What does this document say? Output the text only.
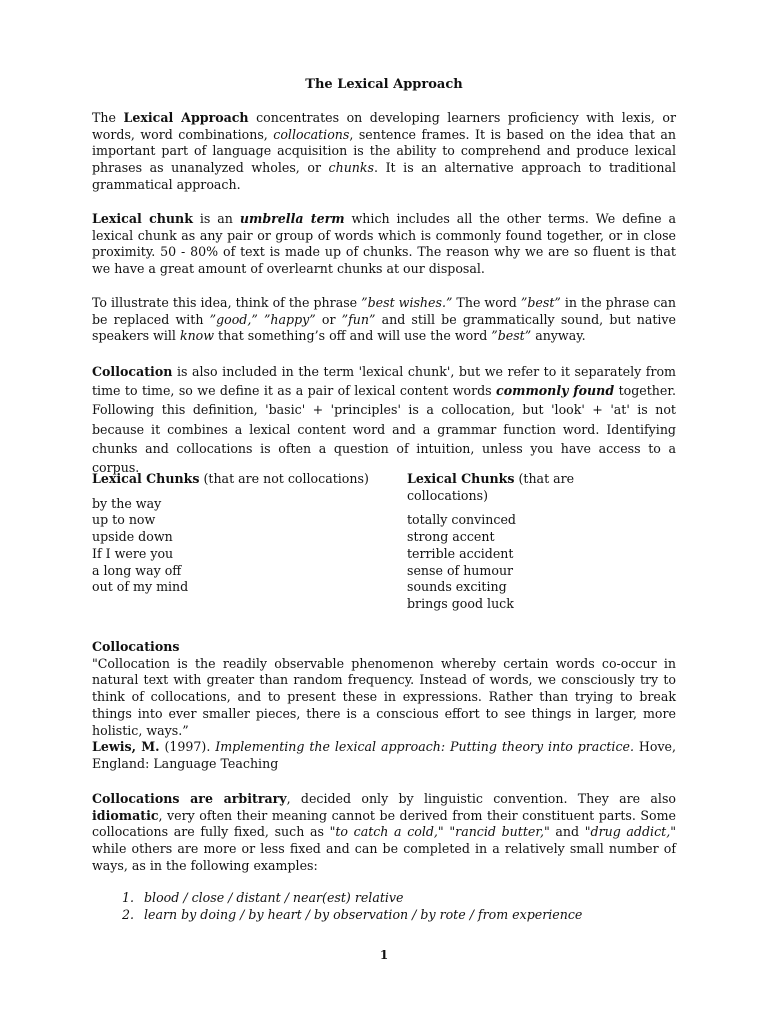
The Lexical Approach
The Lexical Approach concentrates on developing learners proficiency with lexis, or words, word combinations, collocations, sentence frames. It is based on the idea that an important part of language acquisition is the ability to comprehend and produce lexical phrases as unanalyzed wholes, or chunks. It is an alternative approach to traditional grammatical approach.
Lexical chunk is an umbrella term which includes all the other terms. We define a lexical chunk as any pair or group of words which is commonly found together, or in close proximity. 50 - 80% of text is made up of chunks. The reason why we are so fluent is that we have a great amount of overlearnt chunks at our disposal.
To illustrate this idea, think of the phrase ”best wishes.” The word ”best” in the phrase can be replaced with ”good,” ”happy” or ”fun” and still be grammatically sound, but native speakers will know that something’s off and will use the word ”best” anyway.
Collocation is also included in the term 'lexical chunk', but we refer to it separately from time to time, so we define it as a pair of lexical content words commonly found together. Following this definition, 'basic' + 'principles' is a collocation, but 'look' + 'at' is not because it combines a lexical content word and a grammar function word. Identifying chunks and collocations is often a question of intuition, unless you have access to a corpus.
Lexical Chunks (that are not collocations)
by the way
up to now
upside down
If I were you
a long way off
out of my mind
Lexical Chunks (that are collocations)
totally convinced
strong accent
terrible accident
sense of humour
sounds exciting
brings good luck
Collocations
"Collocation is the readily observable phenomenon whereby certain words co-occur in natural text with greater than random frequency. Instead of words, we consciously try to think of collocations, and to present these in expressions. Rather than trying to break things into ever smaller pieces, there is a conscious effort to see things in larger, more holistic, ways.”
Lewis, M. (1997). Implementing the lexical approach: Putting theory into practice. Hove, England: Language Teaching
Collocations are arbitrary, decided only by linguistic convention. They are also idiomatic, very often their meaning cannot be derived from their constituent parts. Some collocations are fully fixed, such as "to catch a cold," "rancid butter," and "drug addict," while others are more or less fixed and can be completed in a relatively small number of ways, as in the following examples:
1. blood / close / distant / near(est) relative
2. learn by doing / by heart / by observation / by rote / from experience
1
